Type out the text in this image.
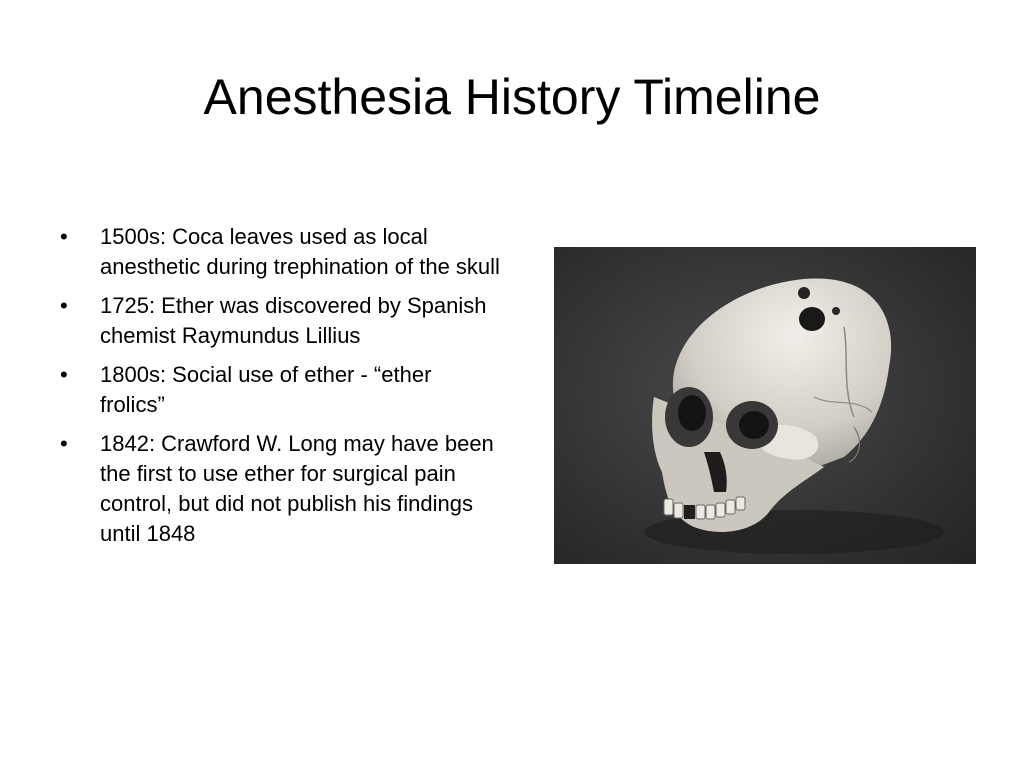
Anesthesia History Timeline
•	1500s: Coca leaves used as local anesthetic during trephination of the skull
•	1725: Ether was discovered by Spanish chemist Raymundus Lillius
•	1800s: Social use of ether - “ether frolics”
•	1842: Crawford W. Long may have been the first to use ether for surgical pain control, but did not publish his findings until 1848
